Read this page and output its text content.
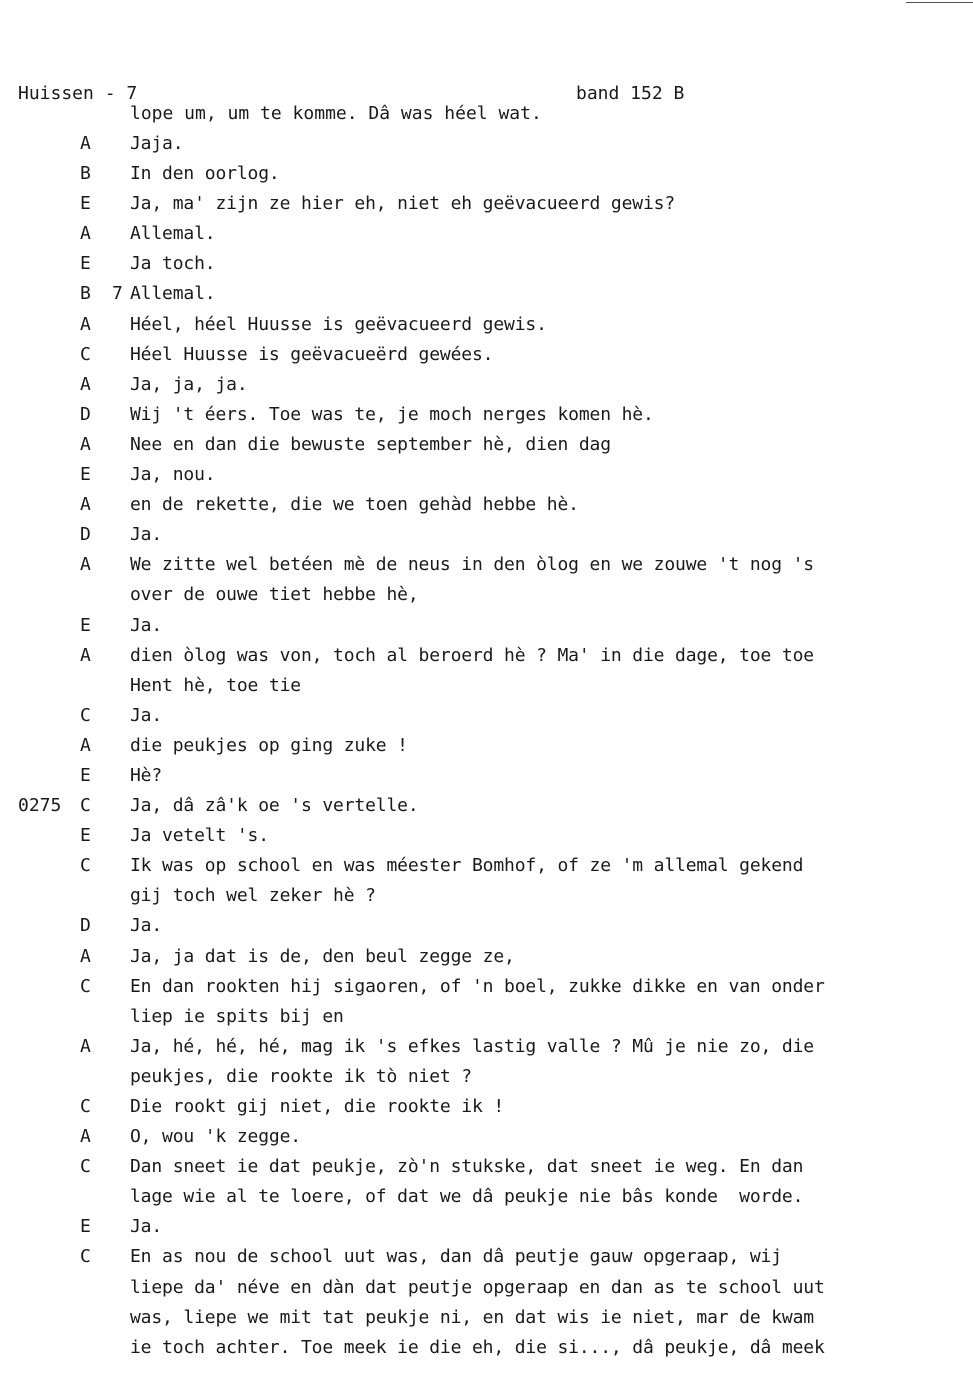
Huissen - 7	band 152 B
lope um, um te komme. Dâ was héel wat.
A	Jaja.
B	In den oorlog.
E	Ja, ma' zijn ze hier eh, niet eh geëvacueerd gewis?
A	Allemal.
E	Ja toch.
B	7 Allemal.
A	Héel, héel Huusse is geëvacueerd gewis.
C	Héel Huusse is geëvacueërd gewées.
A	Ja, ja, ja.
D	Wij 't éers. Toe was te, je moch nerges komen hè.
A	Nee en dan die bewuste september hè, dien dag
E	Ja, nou.
A	en de rekette, die we toen gehàd hebbe hè.
D	Ja.
A	We zitte wel betéen mè de neus in den òlog en we zouwe 't nog 's
over de ouwe tiet hebbe hè,
E	Ja.
A	dien òlog was von, toch al beroerd hè ? Ma' in die dage, toe toe
Hent hè, toe tie
C	Ja.
A	die peukjes op ging zuke !
E	Hè?
0275 C	Ja, dâ zâ'k oe 's vertelle.
E	Ja vetelt 's.
C	Ik was op school en was méester Bomhof, of ze 'm allemal gekend
gij toch wel zeker hè ?
D	Ja.
A	Ja, ja dat is de, den beul zegge ze,
C	En dan rookten hij sigaoren, of 'n boel, zukke dikke en van onder
liep ie spits bij en
A	Ja, hé, hé, hé, mag ik 's efkes lastig valle ? Mû je nie zo, die
peukjes, die rookte ik tò niet ?
C	Die rookt gij niet, die rookte ik !
A	O, wou 'k zegge.
C	Dan sneet ie dat peukje, zò'n stukske, dat sneet ie weg. En dan
lage wie al te loere, of dat we dâ peukje nie bâs konde  worde.
E	Ja.
C	En as nou de school uut was, dan dâ peutje gauw opgeraap, wij
liepe da' néve en dàn dat peutje opgeraap en dan as te school uut
was, liepe we mit tat peukje ni, en dat wis ie niet, mar de kwam
ie toch achter. Toe meek ie die eh, die si..., dâ peukje, dâ meek
